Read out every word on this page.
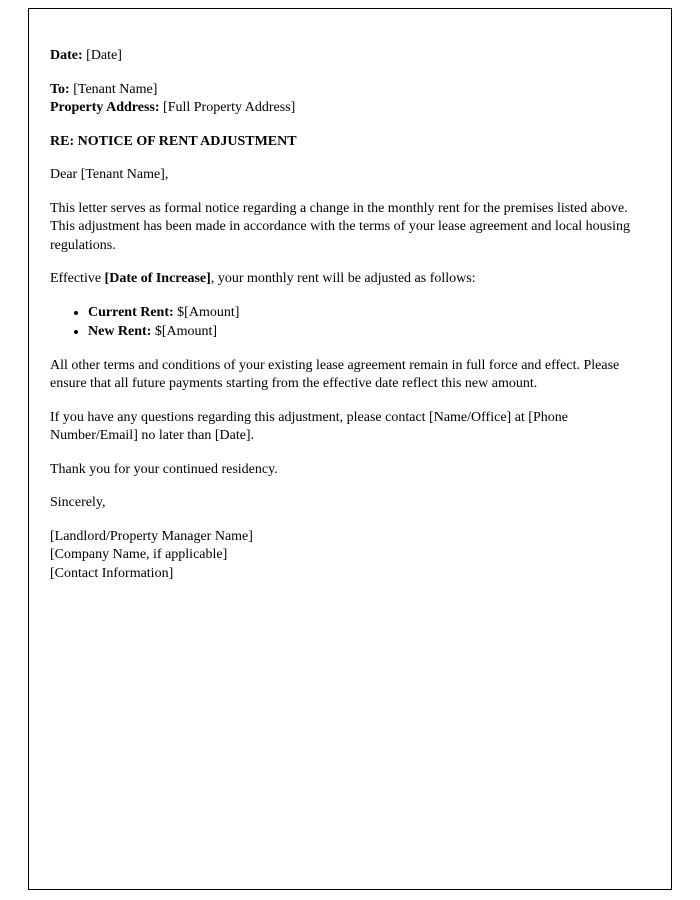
Date: [Date]

To: [Tenant Name]

Property Address: [Full Property Address]

RE: NOTICE OF RENT ADJUSTMENT

Dear [Tenant Name],

This letter serves as formal notice regarding a change in the monthly rent for the premises listed above. This adjustment has been made in accordance with the terms of your lease agreement and local housing regulations.

Effective [Date of Increase], your monthly rent will be adjusted as follows:

• Current Rent: $[Amount]
• New Rent: $[Amount]

All other terms and conditions of your existing lease agreement remain in full force and effect. Please ensure that all future payments starting from the effective date reflect this new amount.

If you have any questions regarding this adjustment, please contact [Name/Office] at [Phone Number/Email] no later than [Date].

Thank you for your continued residency.

Sincerely,

[Landlord/Property Manager Name]

[Company Name, if applicable]

[Contact Information]
